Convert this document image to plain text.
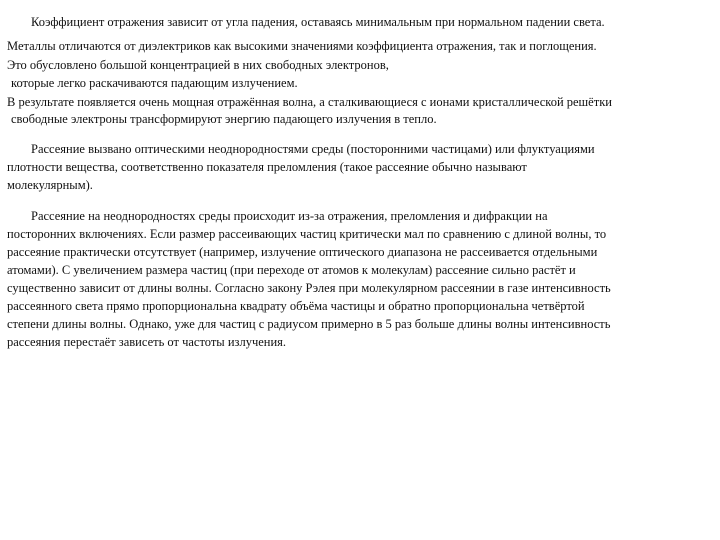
Коэффициент отражения зависит от угла падения, оставаясь минимальным при нормальном падении света.
Металлы отличаются от диэлектриков как высокими значениями коэффициента отражения, так и поглощения.
Это обусловлено большой концентрацией в них свободных электронов,
которые легко раскачиваются падающим излучением.
В результате появляется очень мощная отражённая волна, а сталкивающиеся с ионами кристаллической решётки
свободные электроны трансформируют энергию падающего излучения в тепло.
Рассеяние вызвано оптическими неоднородностями среды (посторонними частицами) или флуктуациями
плотности вещества, соответственно показателя преломления (такое рассеяние обычно называют
молекулярным).
Рассеяние на неоднородностях среды происходит из-за отражения, преломления и дифракции на
посторонних включениях. Если размер рассеивающих частиц критически мал по сравнению с длиной волны, то
рассеяние практически отсутствует (например, излучение оптического диапазона не рассеивается отдельными
атомами). С увеличением размера частиц (при переходе от атомов к молекулам) рассеяние сильно растёт и
существенно зависит от длины волны. Согласно закону Рэлея при молекулярном рассеянии в газе интенсивность
рассеянного света прямо пропорциональна квадрату объёма частицы и обратно пропорциональна четвёртой
степени длины волны. Однако, уже для частиц с радиусом примерно в 5 раз больше длины волны интенсивность
рассеяния перестаёт зависеть от частоты излучения.
